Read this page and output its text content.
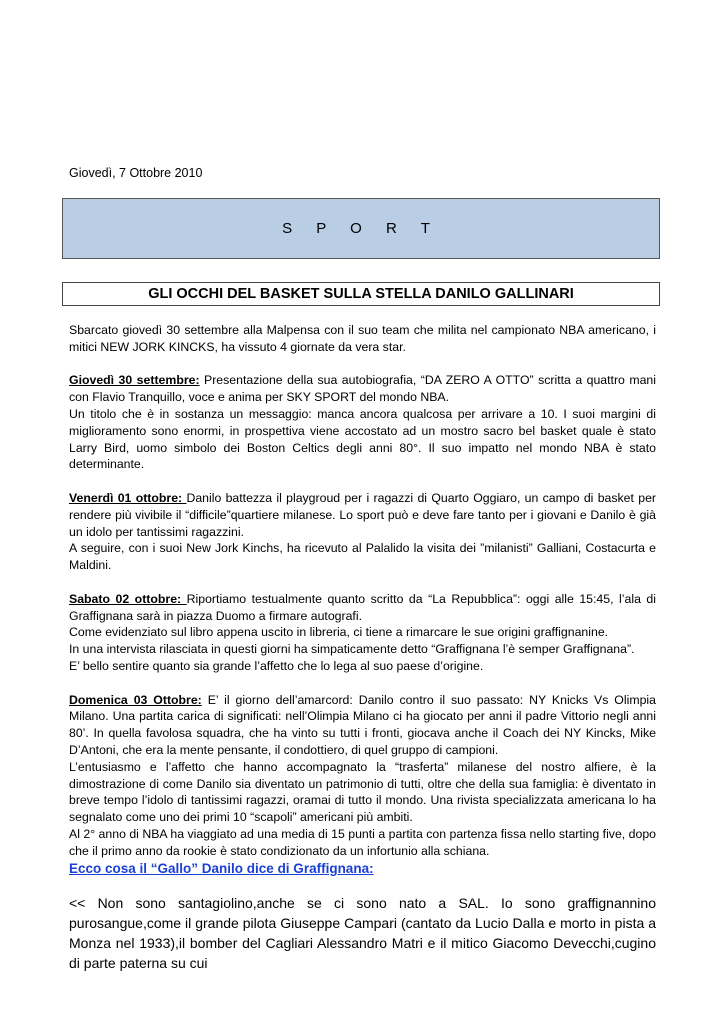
Giovedì, 7 Ottobre 2010
S P O R T
GLI OCCHI DEL BASKET SULLA STELLA DANILO GALLINARI

Sbarcato giovedì 30 settembre alla Malpensa con il suo team che milita nel campionato NBA americano, i mitici NEW JORK KINCKS, ha vissuto 4 giornate da vera star.

Giovedì 30 settembre: Presentazione della sua autobiografia, “DA ZERO A OTTO” scritta a quattro mani con Flavio Tranquillo, voce e anima per SKY SPORT del mondo NBA.

Un titolo che è in sostanza un messaggio: manca ancora qualcosa per arrivare a 10. I suoi margini di miglioramento sono enormi, in prospettiva viene accostato ad un mostro sacro bel basket quale è stato Larry Bird, uomo simbolo dei Boston Celtics degli anni 80°. Il suo impatto nel mondo NBA è stato determinante.

Venerdì 01 ottobre: Danilo battezza il playgroud per i ragazzi di Quarto Oggiaro, un campo di basket per rendere più vivibile il “difficile”quartiere milanese. Lo sport può e deve fare tanto per i giovani e Danilo è già un idolo per tantissimi ragazzini.

A seguire, con i suoi New Jork Kinchs, ha ricevuto al Palalido la visita dei ”milanisti” Galliani, Costacurta e Maldini.

Sabato 02 ottobre: Riportiamo testualmente quanto scritto da “La Repubblica”: oggi alle 15:45, l’ala di Graffignana sarà in piazza Duomo a firmare autografi.

Come evidenziato sul libro appena uscito in libreria, ci tiene a rimarcare le sue origini graffignanine.

In una intervista rilasciata in questi giorni ha simpaticamente detto “Graffignana l’è semper Graffignana”.

E’ bello sentire quanto sia grande l’affetto che lo lega al suo paese d’origine.

Domenica 03 Ottobre: E’ il giorno dell’amarcord: Danilo contro il suo passato: NY Knicks Vs Olimpia Milano. Una partita carica di significati: nell’Olimpia Milano ci ha giocato per anni il padre Vittorio negli anni 80’. In quella favolosa squadra, che ha vinto su tutti i fronti, giocava anche il Coach dei NY Kincks, Mike D’Antoni, che era la mente pensante, il condottiero, di quel gruppo di campioni.

L’entusiasmo e l’affetto che hanno accompagnato la “trasferta” milanese del nostro alfiere, è la dimostrazione di come Danilo sia diventato un patrimonio di tutti, oltre che della sua famiglia: è diventato in breve tempo l’idolo di tantissimi ragazzi, oramai di tutto il mondo. Una rivista specializzata americana lo ha segnalato come uno dei primi 10 “scapoli” americani più ambiti.

Al 2° anno di NBA ha viaggiato ad una media di 15 punti a partita con partenza fissa nello starting five, dopo che il primo anno da rookie è stato condizionato da un infortunio alla schiana.

Ecco cosa il “Gallo” Danilo dice di Graffignana:
<< Non sono santagiolino,anche se ci sono nato a SAL. Io sono graffignannino purosangue,come il grande pilota Giuseppe Campari (cantato da Lucio Dalla e morto in pista a Monza nel 1933),il bomber del Cagliari Alessandro Matri e il mitico Giacomo Devecchi,cugino di parte paterna su cui
